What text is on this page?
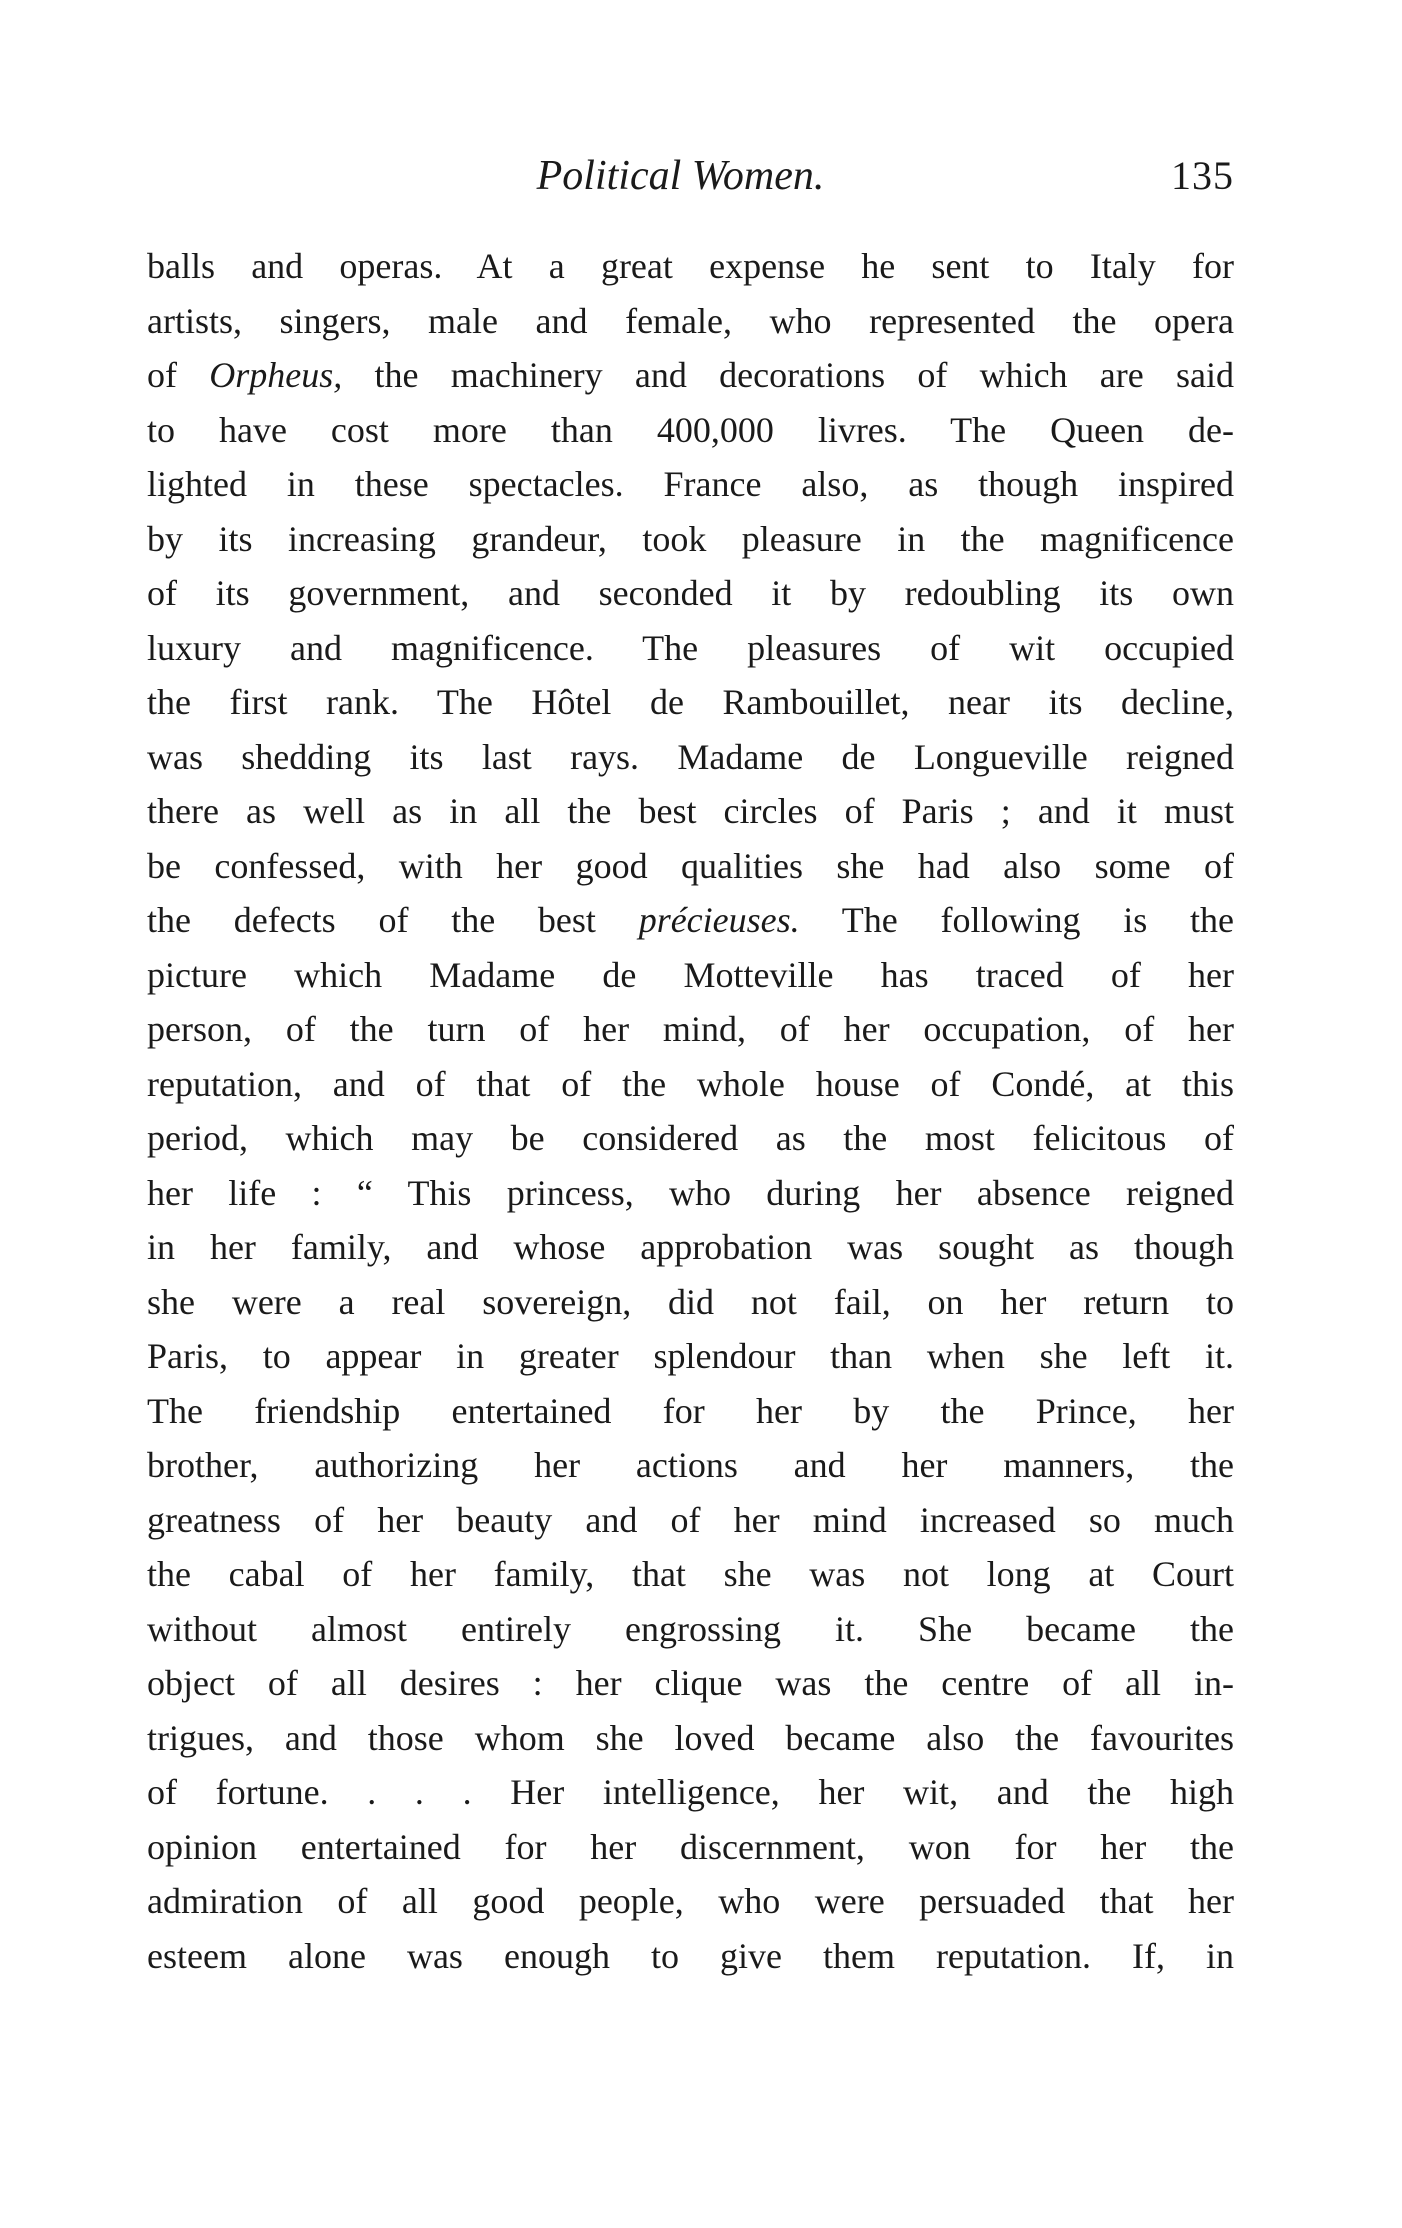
Political Women.	135
balls and operas. At a great expense he sent to Italy for
artists, singers, male and female, who represented the opera
of Orpheus, the machinery and decorations of which are said
to have cost more than 400,000 livres. The Queen de-
lighted in these spectacles. France also, as though inspired
by its increasing grandeur, took pleasure in the magnificence
of its government, and seconded it by redoubling its own
luxury and magnificence. The pleasures of wit occupied
the first rank. The Hôtel de Rambouillet, near its decline,
was shedding its last rays. Madame de Longueville reigned
there as well as in all the best circles of Paris ; and it must
be confessed, with her good qualities she had also some of
the defects of the best précieuses. The following is the
picture which Madame de Motteville has traced of her
person, of the turn of her mind, of her occupation, of her
reputation, and of that of the whole house of Condé, at this
period, which may be considered as the most felicitous of
her life : “ This princess, who during her absence reigned
in her family, and whose approbation was sought as though
she were a real sovereign, did not fail, on her return to
Paris, to appear in greater splendour than when she left it.
The friendship entertained for her by the Prince, her
brother, authorizing her actions and her manners, the
greatness of her beauty and of her mind increased so much
the cabal of her family, that she was not long at Court
without almost entirely engrossing it. She became the
object of all desires : her clique was the centre of all in-
trigues, and those whom she loved became also the favourites
of fortune. . . . Her intelligence, her wit, and the high
opinion entertained for her discernment, won for her the
admiration of all good people, who were persuaded that her
esteem alone was enough to give them reputation. If, in
